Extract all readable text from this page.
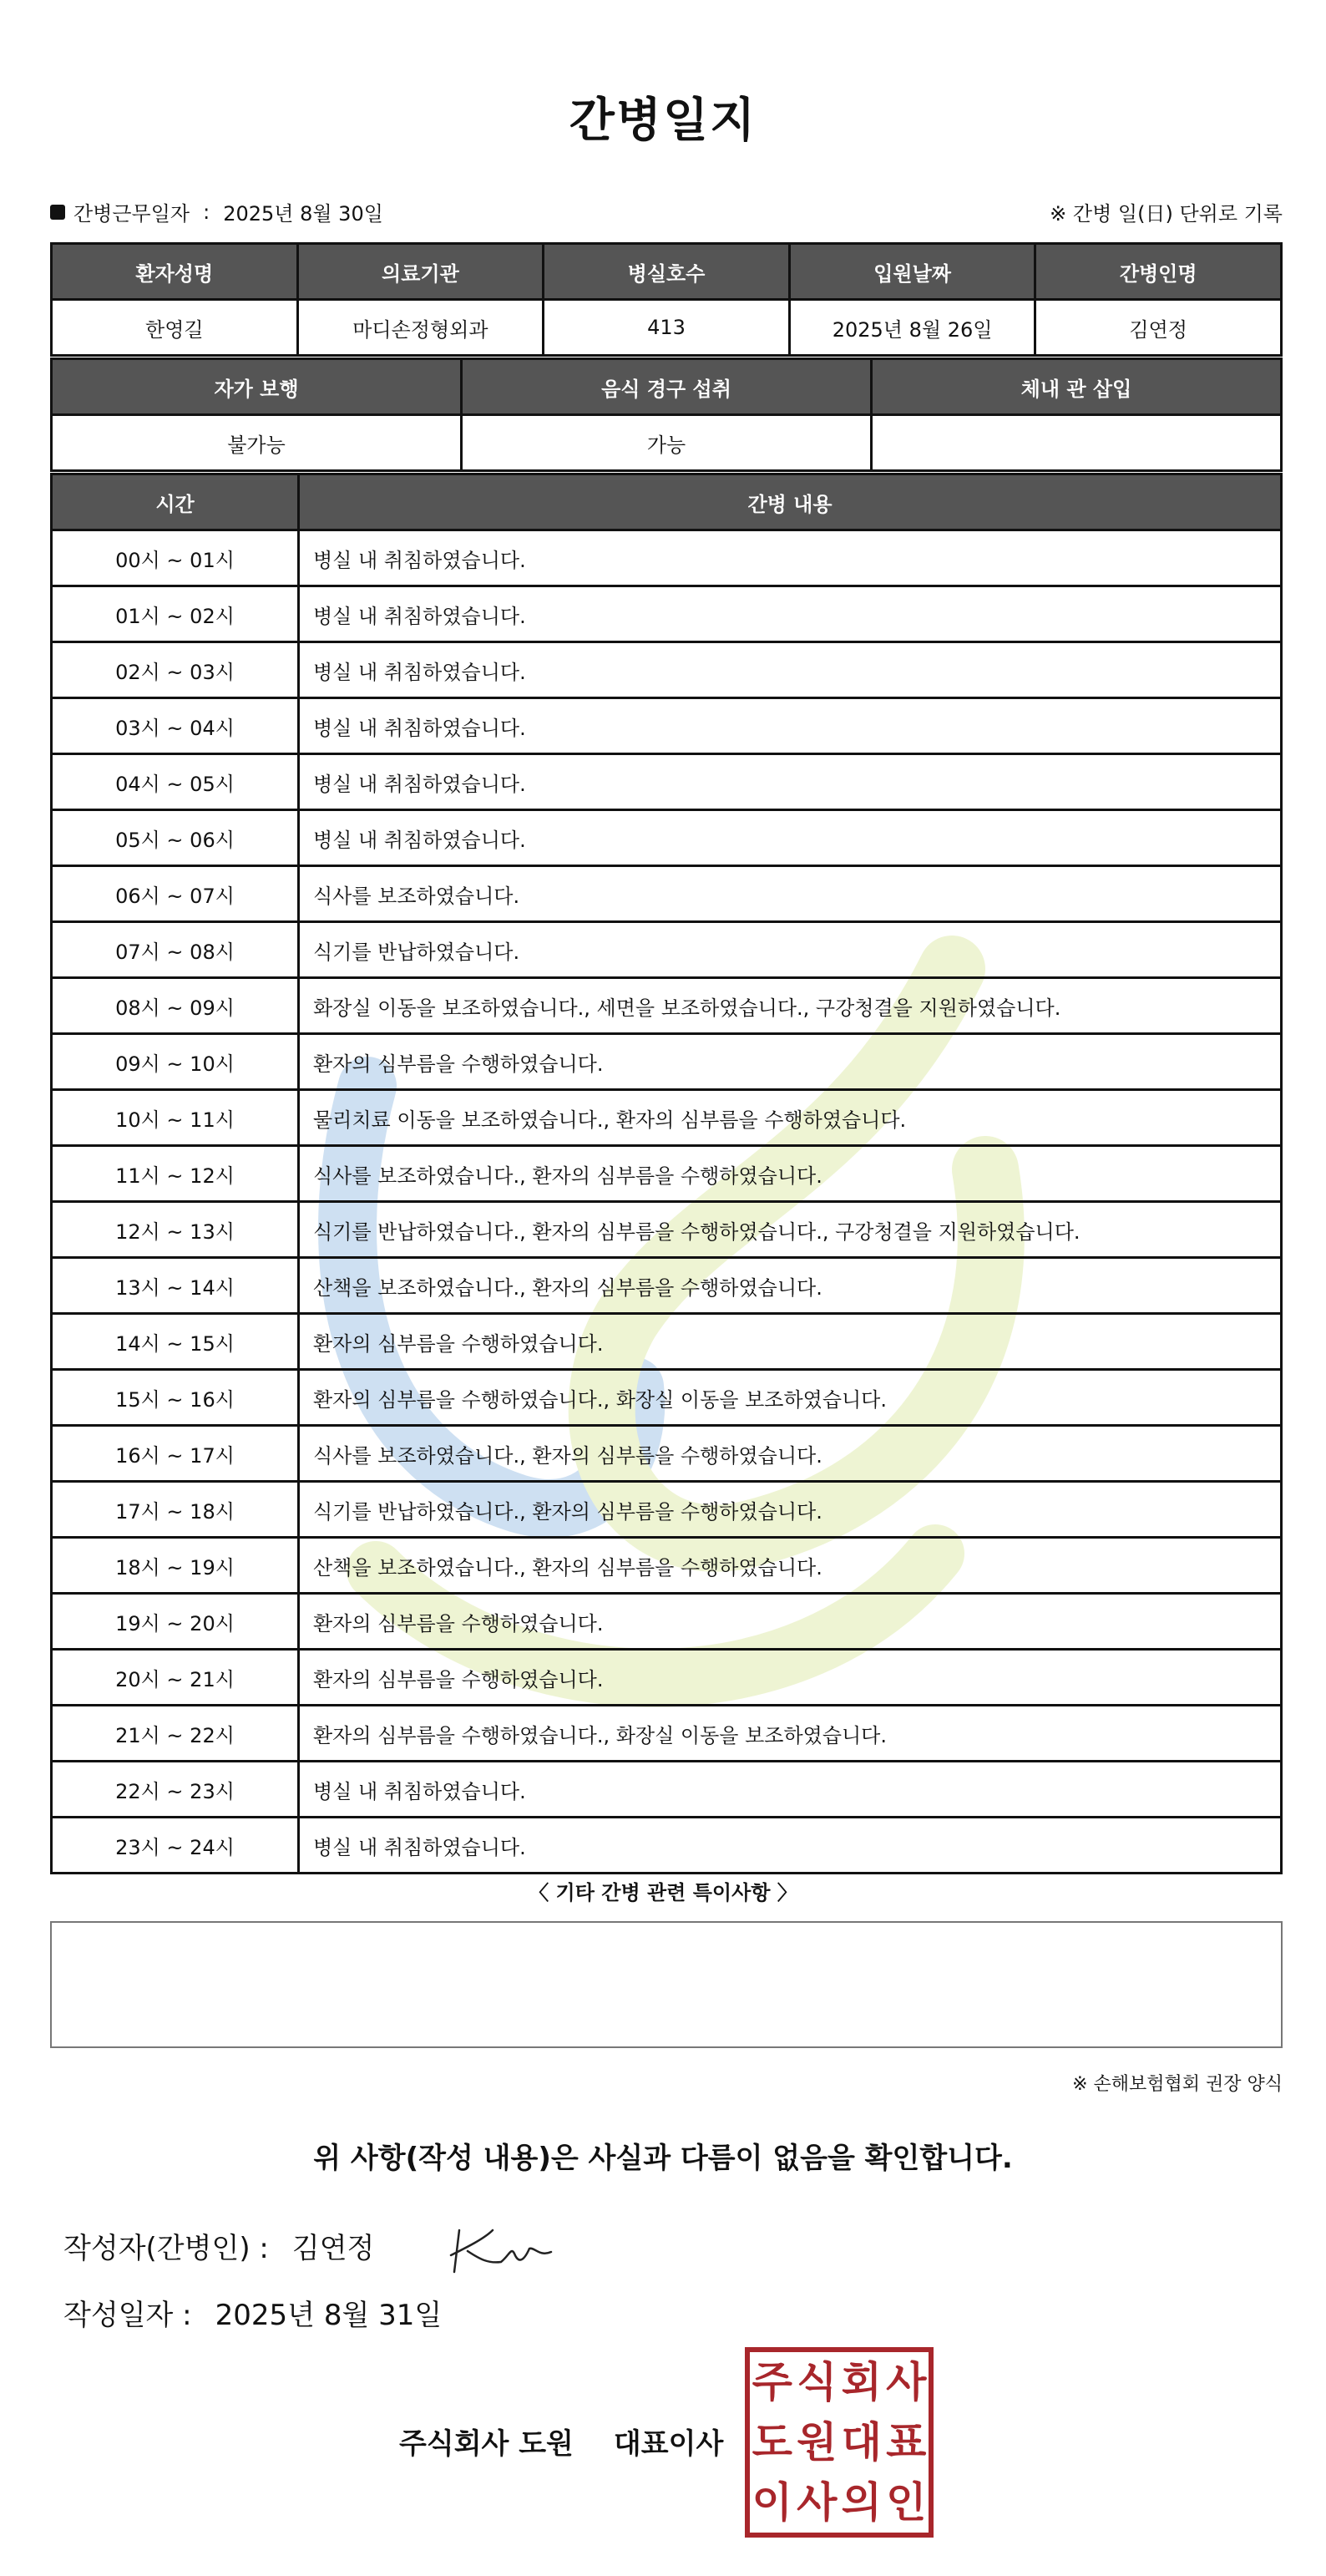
간병일지
간병근무일자 : 2025년 8월 30일	※ 간병 일(日) 단위로 기록
환자성명	의료기관	병실호수	입원날짜	간병인명
한영길	마디손정형외과	413	2025년 8월 26일	김연정
자가 보행	음식 경구 섭취	체내 관 삽입
불가능	가능	
시간	간병 내용
00시 ~ 01시	병실 내 취침하였습니다.
01시 ~ 02시	병실 내 취침하였습니다.
02시 ~ 03시	병실 내 취침하였습니다.
03시 ~ 04시	병실 내 취침하였습니다.
04시 ~ 05시	병실 내 취침하였습니다.
05시 ~ 06시	병실 내 취침하였습니다.
06시 ~ 07시	식사를 보조하였습니다.
07시 ~ 08시	식기를 반납하였습니다.
08시 ~ 09시	화장실 이동을 보조하였습니다., 세면을 보조하였습니다., 구강청결을 지원하였습니다.
09시 ~ 10시	환자의 심부름을 수행하였습니다.
10시 ~ 11시	물리치료 이동을 보조하였습니다., 환자의 심부름을 수행하였습니다.
11시 ~ 12시	식사를 보조하였습니다., 환자의 심부름을 수행하였습니다.
12시 ~ 13시	식기를 반납하였습니다., 환자의 심부름을 수행하였습니다., 구강청결을 지원하였습니다.
13시 ~ 14시	산책을 보조하였습니다., 환자의 심부름을 수행하였습니다.
14시 ~ 15시	환자의 심부름을 수행하였습니다.
15시 ~ 16시	환자의 심부름을 수행하였습니다., 화장실 이동을 보조하였습니다.
16시 ~ 17시	식사를 보조하였습니다., 환자의 심부름을 수행하였습니다.
17시 ~ 18시	식기를 반납하였습니다., 환자의 심부름을 수행하였습니다.
18시 ~ 19시	산책을 보조하였습니다., 환자의 심부름을 수행하였습니다.
19시 ~ 20시	환자의 심부름을 수행하였습니다.
20시 ~ 21시	환자의 심부름을 수행하였습니다.
21시 ~ 22시	환자의 심부름을 수행하였습니다., 화장실 이동을 보조하였습니다.
22시 ~ 23시	병실 내 취침하였습니다.
23시 ~ 24시	병실 내 취침하였습니다.
〈 기타 간병 관련 특이사항 〉
※ 손해보험협회 권장 양식
위 사항(작성 내용)은 사실과 다름이 없음을 확인합니다.
작성자(간병인) : 김연정
작성일자 : 2025년 8월 31일
주식회사 도원 대표이사
주 식 회 사
도 원 대 표
이 사 의 인
